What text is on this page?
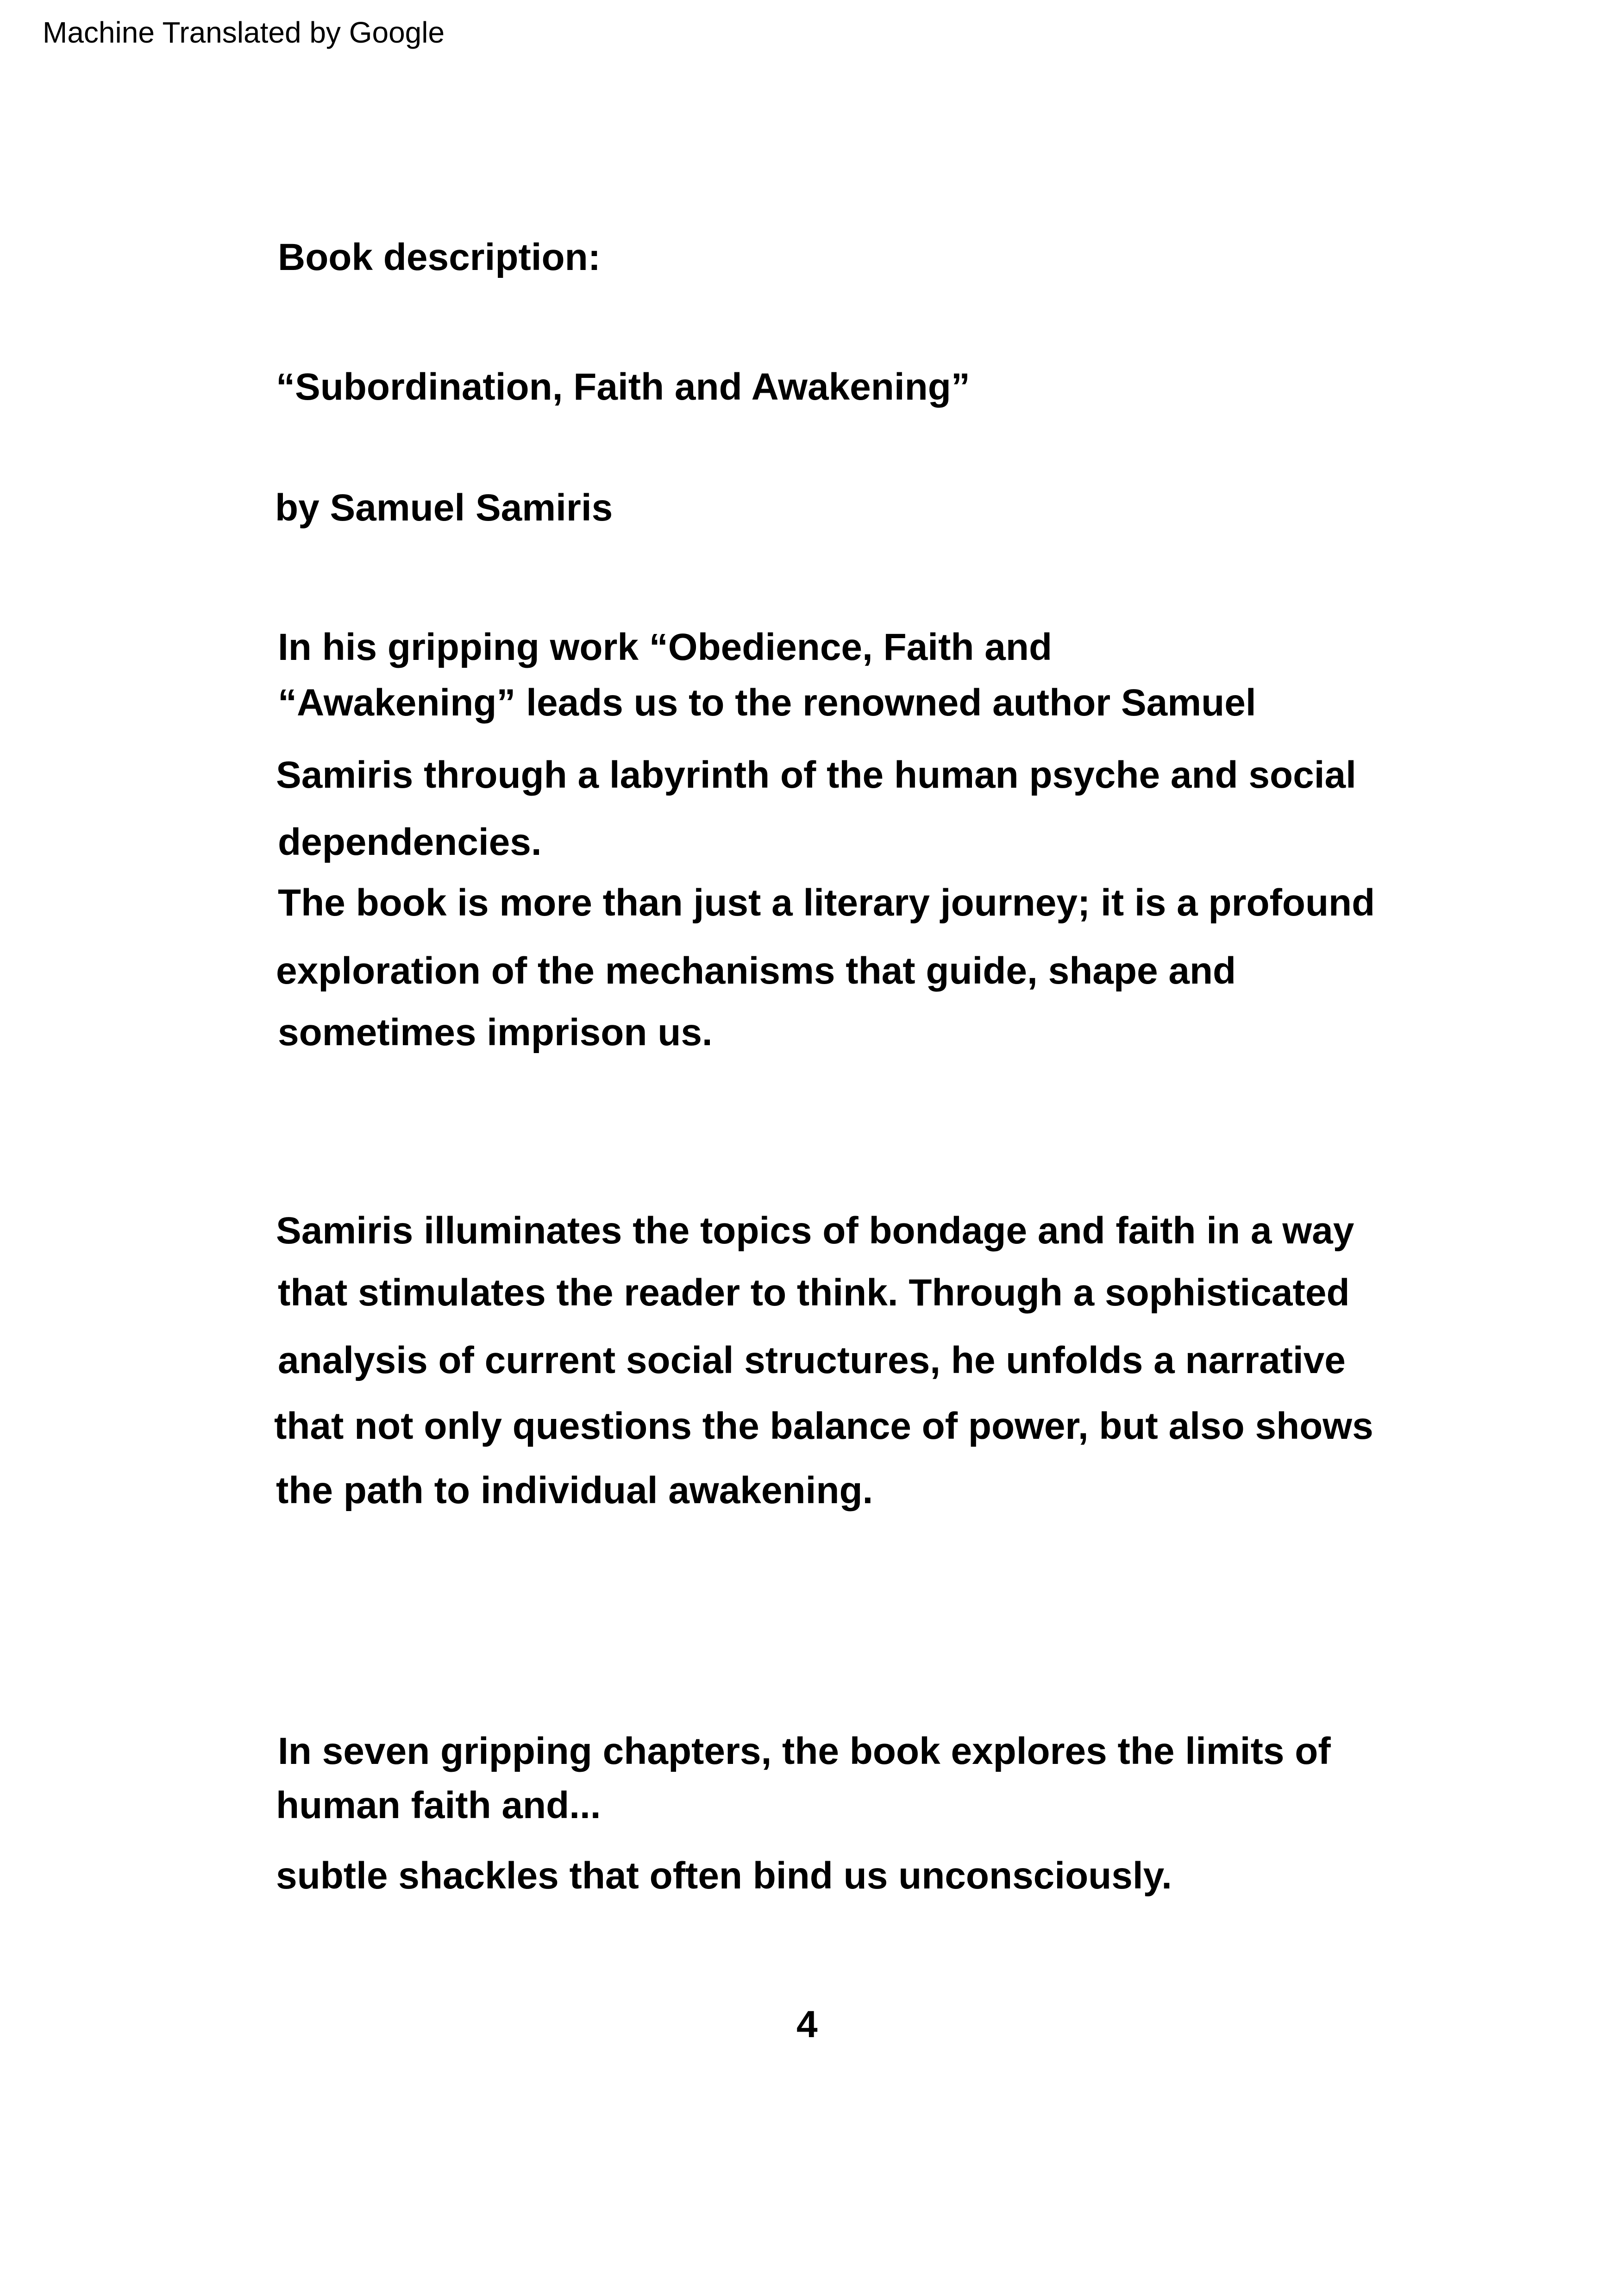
Machine Translated by Google
Book description:
“Subordination, Faith and Awakening”
by Samuel Samiris
In his gripping work “Obedience, Faith and
“Awakening” leads us to the renowned author Samuel
Samiris through a labyrinth of the human psyche and social
dependencies.
The book is more than just a literary journey; it is a profound
exploration of the mechanisms that guide, shape and
sometimes imprison us.
Samiris illuminates the topics of bondage and faith in a way
that stimulates the reader to think. Through a sophisticated
analysis of current social structures, he unfolds a narrative
that not only questions the balance of power, but also shows
the path to individual awakening.
In seven gripping chapters, the book explores the limits of
human faith and...
subtle shackles that often bind us unconsciously.
4
